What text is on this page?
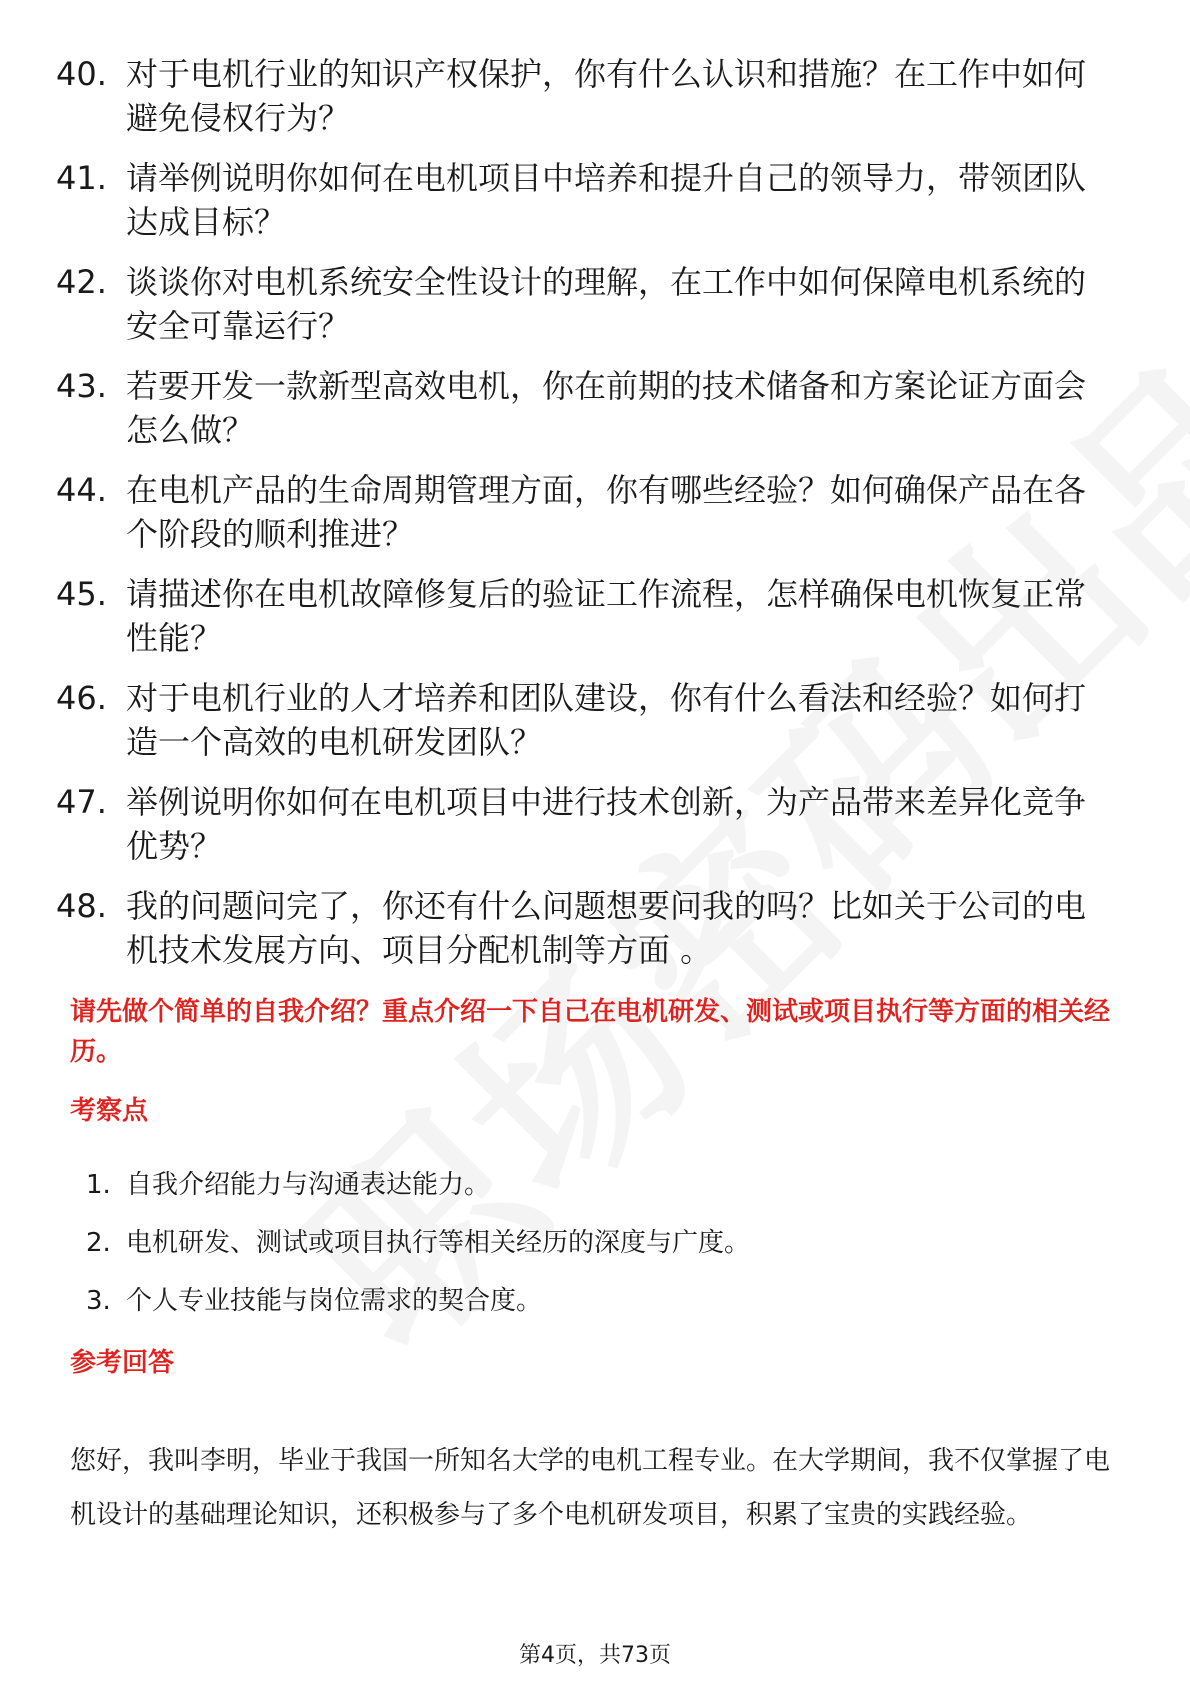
40. 对于电机行业的知识产权保护，你有什么认识和措施？在工作中如何避免侵权行为？
41. 请举例说明你如何在电机项目中培养和提升自己的领导力，带领团队达成目标？
42. 谈谈你对电机系统安全性设计的理解，在工作中如何保障电机系统的安全可靠运行？
43. 若要开发一款新型高效电机，你在前期的技术储备和方案论证方面会怎么做？
44. 在电机产品的生命周期管理方面，你有哪些经验？如何确保产品在各个阶段的顺利推进？
45. 请描述你在电机故障修复后的验证工作流程，怎样确保电机恢复正常性能？
46. 对于电机行业的人才培养和团队建设，你有什么看法和经验？如何打造一个高效的电机研发团队？
47. 举例说明你如何在电机项目中进行技术创新，为产品带来差异化竞争优势？
48. 我的问题问完了，你还有什么问题想要问我的吗？比如关于公司的电机技术发展方向、项目分配机制等方面 。
请先做个简单的自我介绍？重点介绍一下自己在电机研发、测试或项目执行等方面的相关经历。
考察点
1. 自我介绍能力与沟通表达能力。
2. 电机研发、测试或项目执行等相关经历的深度与广度。
3. 个人专业技能与岗位需求的契合度。
参考回答
您好，我叫李明，毕业于我国一所知名大学的电机工程专业。在大学期间，我不仅掌握了电机设计的基础理论知识，还积极参与了多个电机研发项目，积累了宝贵的实践经验。
第4页，共73页
